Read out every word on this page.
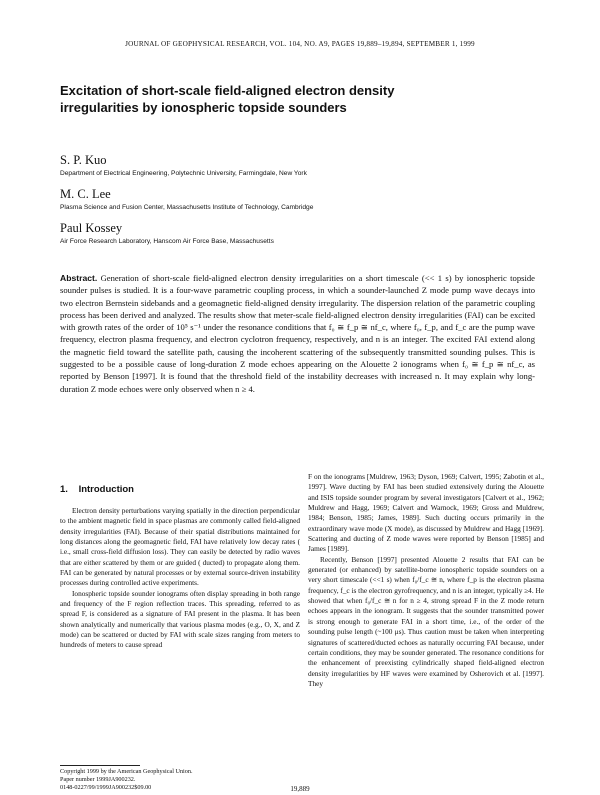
JOURNAL OF GEOPHYSICAL RESEARCH, VOL. 104, NO. A9, PAGES 19,889–19,894, SEPTEMBER 1, 1999
Excitation of short-scale field-aligned electron density
irregularities by ionospheric topside sounders
S. P. Kuo
Department of Electrical Engineering, Polytechnic University, Farmingdale, New York
M. C. Lee
Plasma Science and Fusion Center, Massachusetts Institute of Technology, Cambridge
Paul Kossey
Air Force Research Laboratory, Hanscom Air Force Base, Massachusetts
Abstract. Generation of short-scale field-aligned electron density irregularities on a short timescale (<< 1 s) by ionospheric topside sounder pulses is studied. It is a four-wave parametric coupling process, in which a sounder-launched Z mode pump wave decays into two electron Bernstein sidebands and a geomagnetic field-aligned density irregularity. The dispersion relation of the parametric coupling process has been derived and analyzed. The results show that meter-scale field-aligned electron density irregularities (FAI) can be excited with growth rates of the order of 10⁵ s⁻¹ under the resonance conditions that f₀ ≅ f_p ≅ nf_c, where f₀, f_p, and f_c are the pump wave frequency, electron plasma frequency, and electron cyclotron frequency, respectively, and n is an integer. The excited FAI extend along the magnetic field toward the satellite path, causing the incoherent scattering of the subsequently transmitted sounding pulses. This is suggested to be a possible cause of long-duration Z mode echoes appearing on the Alouette 2 ionograms when f₀ ≅ f_p ≅ nf_c, as reported by Benson [1997]. It is found that the threshold field of the instability decreases with increased n. It may explain why long-duration Z mode echoes were only observed when n ≥ 4.
1. Introduction

Electron density perturbations varying spatially in the direction perpendicular to the ambient magnetic field in space plasmas are commonly called field-aligned density irregularities (FAI). Because of their spatial distributions maintained for long distances along the geomagnetic field, FAI have relatively low decay rates ( i.e., small cross-field diffusion loss). They can easily be detected by radio waves that are either scattered by them or are guided ( ducted) to propagate along them. FAI can be generated by natural processes or by external source-driven instability processes during controlled active experiments.

Ionospheric topside sounder ionograms often display spreading in both range and frequency of the F region reflection traces. This spreading, referred to as spread F, is considered as a signature of FAI present in the plasma. It has been shown analytically and numerically that various plasma modes (e.g., O, X, and Z mode) can be scattered or ducted by FAI with scale sizes ranging from meters to hundreds of meters to cause spread

F on the ionograms [Muldrew, 1963; Dyson, 1969; Calvert, 1995; Zabotin et al., 1997]. Wave ducting by FAI has been studied extensively during the Alouette and ISIS topside sounder program by several investigators [Calvert et al., 1962; Muldrew and Hagg, 1969; Calvert and Warnock, 1969; Gross and Muldrew, 1984; Benson, 1985; James, 1989]. Such ducting occurs primarily in the extraordinary wave mode (X mode), as discussed by Muldrew and Hagg [1969]. Scattering and ducting of Z mode waves were reported by Benson [1985] and James [1989].

Recently, Benson [1997] presented Alouette 2 results that FAI can be generated (or enhanced) by satellite-borne ionospheric topside sounders on a very short timescale (<<1 s) when f₀/f_c ≅ n, where f_p is the electron plasma frequency, f_c is the electron gyrofrequency, and n is an integer, typically ≥4. He showed that when f₀/f_c ≅ n for n ≥ 4, strong spread F in the Z mode return echoes appears in the ionogram. It suggests that the sounder transmitted power is strong enough to generate FAI in a short time, i.e., of the order of the sounding pulse length (~100 μs). Thus caution must be taken when interpreting signatures of scattered/ducted echoes as naturally occurring FAI because, under certain conditions, they may be sounder generated. The resonance conditions for the enhancement of preexisting cylindrically shaped field-aligned electron density irregularities by HF waves were examined by Osherovich et al. [1997]. They

Copyright 1999 by the American Geophysical Union.
Paper number 1999JA900232.
0148-0227/99/1999JA900232$09.00	19,889
